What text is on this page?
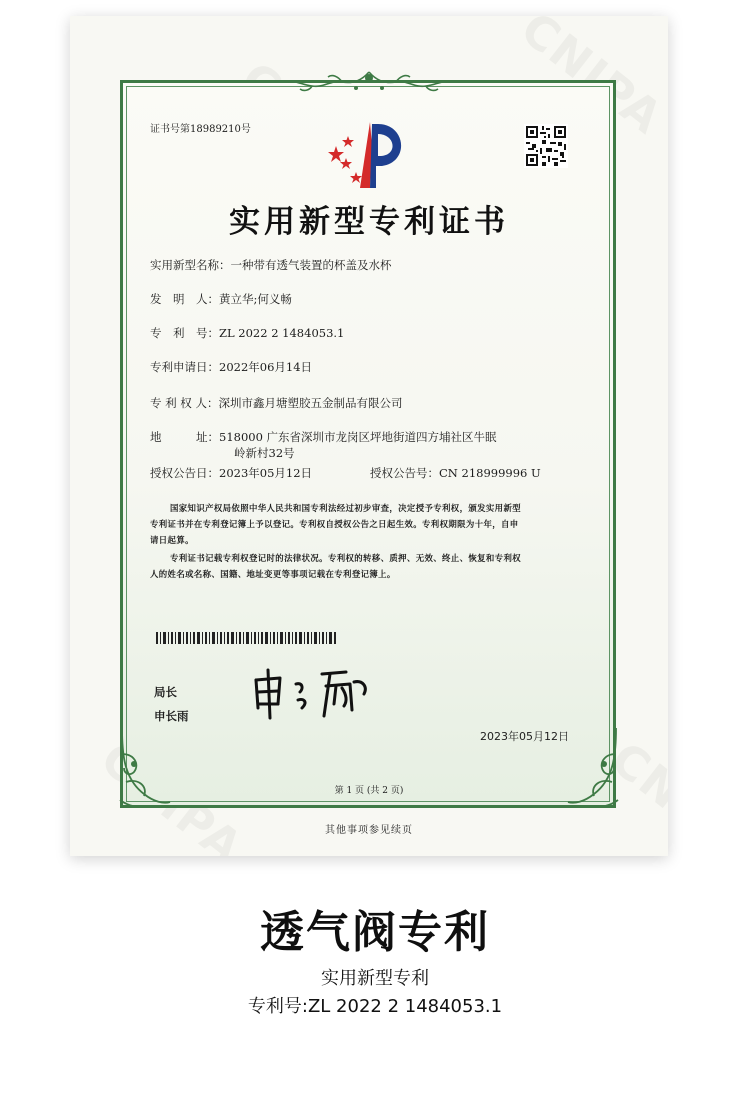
证书号第18989210号
实用新型专利证书
实用新型名称：一种带有透气装置的杯盖及水杯
发　明　人：黄立华;何义畅
专　利　号：ZL 2022 2 1484053.1
专利申请日：2022年06月14日
专 利 权 人：深圳市鑫月塘塑胶五金制品有限公司
地　　　址：518000 广东省深圳市龙岗区坪地街道四方埔社区牛眠
岭新村32号
授权公告日：2023年05月12日	授权公告号：CN 218999996 U
国家知识产权局依照中华人民共和国专利法经过初步审查，决定授予专利权，颁发实用新型
专利证书并在专利登记簿上予以登记。专利权自授权公告之日起生效。专利权期限为十年，自申
请日起算。
专利证书记载专利权登记时的法律状况。专利权的转移、质押、无效、终止、恢复和专利权
人的姓名或名称、国籍、地址变更等事项记载在专利登记簿上。
局长
申长雨
2023年05月12日
第 1 页 (共 2 页)
其他事项参见续页
透气阀专利
实用新型专利
专利号:ZL 2022 2 1484053.1
